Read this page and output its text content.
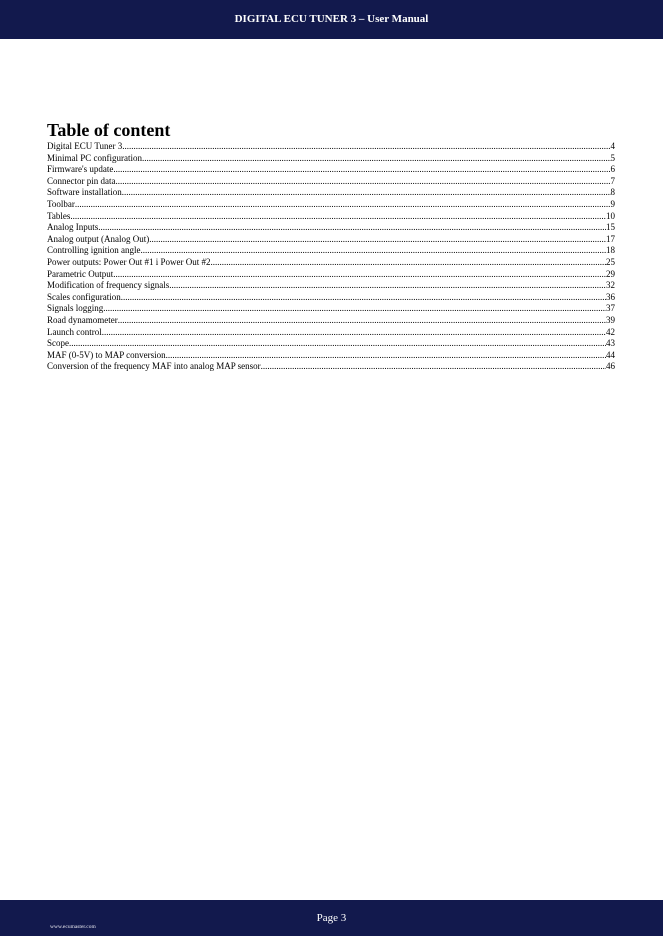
DIGITAL ECU TUNER 3 – User Manual
Table of content
Digital ECU Tuner 3 .....	4
Minimal PC configuration .....	5
Firmware's update .....	6
Connector pin data .....	7
Software installation .....	8
Toolbar .....	9
Tables .....	10
Analog Inputs .....	15
Analog output (Analog Out) .....	17
Controlling ignition angle .....	18
Power outputs: Power Out #1 i Power Out #2 .....	25
Parametric Output .....	29
Modification of frequency signals .....	32
Scales configuration .....	36
Signals logging .....	37
Road dynamometer .....	39
Launch control .....	42
Scope .....	43
MAF (0-5V) to MAP conversion .....	44
Conversion of the frequency MAF into analog MAP sensor .....	46
Page 3
www.ecumaster.com
